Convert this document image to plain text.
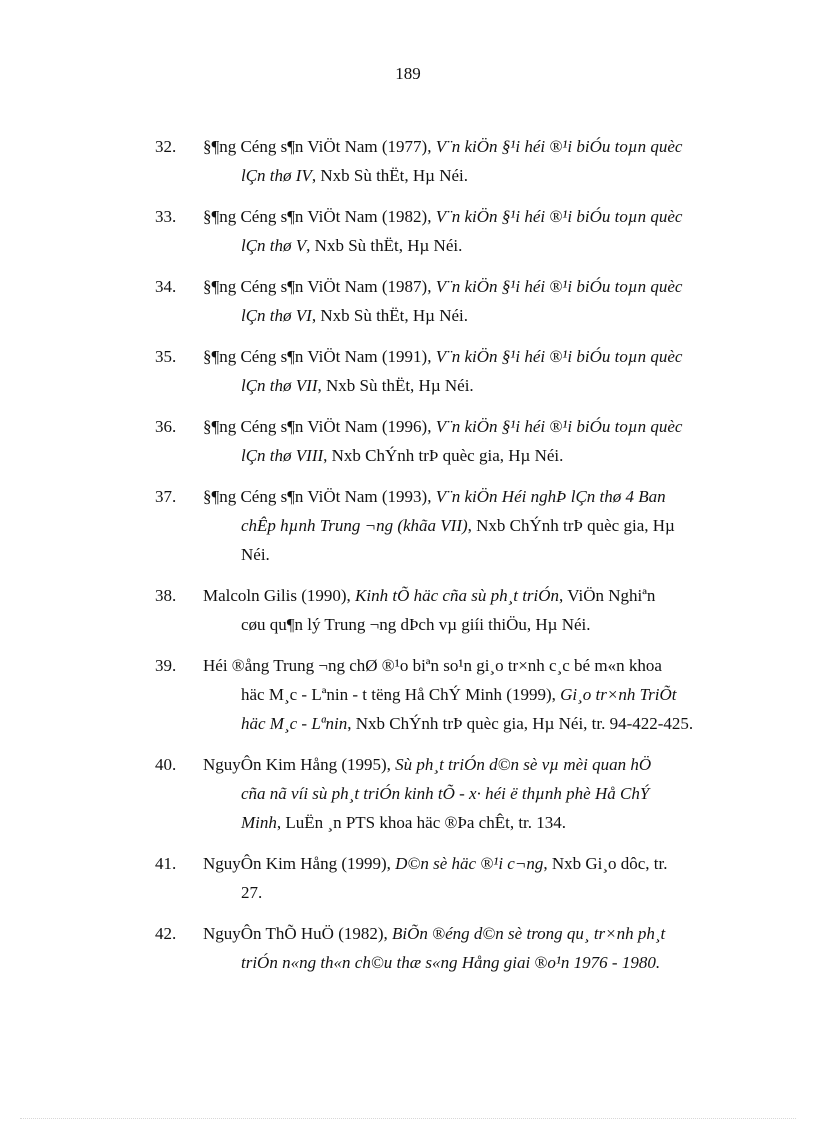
189
32. §¶ng Céng s¶n ViÖt Nam (1977), V¨n kiÖn §¹i héi ®¹i biÓu toµn quèc
lÇn thø IV, Nxb Sù thËt, Hµ Néi.
33. §¶ng Céng s¶n ViÖt Nam (1982), V¨n kiÖn §¹i héi ®¹i biÓu toµn quèc
lÇn thø V, Nxb Sù thËt, Hµ Néi.
34. §¶ng Céng s¶n ViÖt Nam (1987), V¨n kiÖn §¹i héi ®¹i biÓu toµn quèc
lÇn thø VI, Nxb Sù thËt, Hµ Néi.
35. §¶ng Céng s¶n ViÖt Nam (1991), V¨n kiÖn §¹i héi ®¹i biÓu toµn quèc
lÇn thø VII, Nxb Sù thËt, Hµ Néi.
36. §¶ng Céng s¶n ViÖt Nam (1996), V¨n kiÖn §¹i héi ®¹i biÓu toµn quèc
lÇn thø VIII, Nxb ChÝnh trÞ quèc gia, Hµ Néi.
37. §¶ng Céng s¶n ViÖt Nam (1993), V¨n kiÖn Héi nghÞ lÇn thø 4 Ban
chÊp hµnh Trung ¬ng (khãa VII), Nxb ChÝnh trÞ quèc gia, Hµ
Néi.
38. Malcoln Gilis (1990), Kinh tÕ häc cña sù ph¸t triÓn, ViÖn Nghiªn
cøu qu¶n lý Trung ¬ng dÞch vµ giíi thiÖu, Hµ Néi.
39. Héi ®ång Trung ¬ng chØ ®¹o biªn so¹n gi¸o tr×nh c¸c bé m«n khoa
häc M¸c - Lªnin - t tëng Hå ChÝ Minh (1999), Gi¸o tr×nh TriÕt
häc M¸c - Lªnin, Nxb ChÝnh trÞ quèc gia, Hµ Néi, tr. 94-422-425.
40. NguyÔn Kim Hång (1995), Sù ph¸t triÓn d©n sè vµ mèi quan hÖ
cña nã víi sù ph¸t triÓn kinh tÕ - x· héi ë thµnh phè Hå ChÝ
Minh, LuËn ¸n PTS khoa häc ®Þa chÊt, tr. 134.
41. NguyÔn Kim Hång (1999), D©n sè häc ®¹i c¬ng, Nxb Gi¸o dôc, tr.
27.
42. NguyÔn ThÕ HuÖ (1982), BiÕn ®éng d©n sè trong qu¸ tr×nh ph¸t
triÓn n«ng th«n ch©u thæ s«ng Hång giai ®o¹n 1976 - 1980.
